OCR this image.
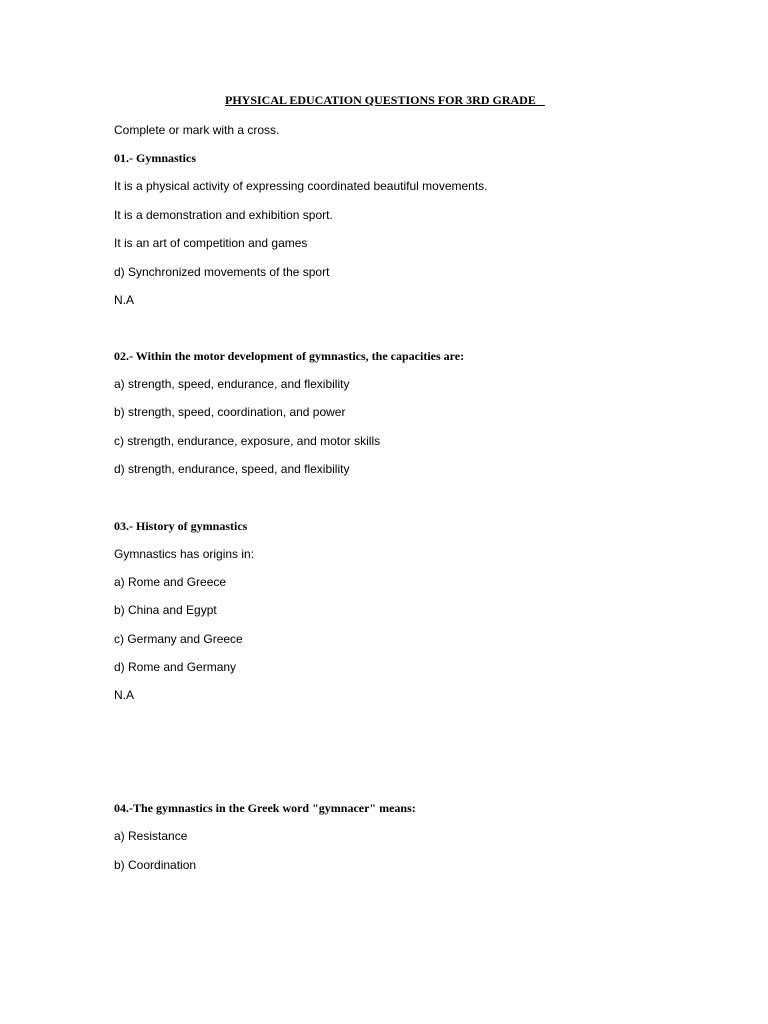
PHYSICAL EDUCATION QUESTIONS FOR 3RD GRADE
Complete or mark with a cross.
01.- Gymnastics
It is a physical activity of expressing coordinated beautiful movements.
It is a demonstration and exhibition sport.
It is an art of competition and games
d) Synchronized movements of the sport
N.A
02.- Within the motor development of gymnastics, the capacities are:
a) strength, speed, endurance, and flexibility
b) strength, speed, coordination, and power
c) strength, endurance, exposure, and motor skills
d) strength, endurance, speed, and flexibility
03.- History of gymnastics
Gymnastics has origins in:
a) Rome and Greece
b) China and Egypt
c) Germany and Greece
d) Rome and Germany
N.A
04.-The gymnastics in the Greek word "gymnacer" means:
a) Resistance
b) Coordination
